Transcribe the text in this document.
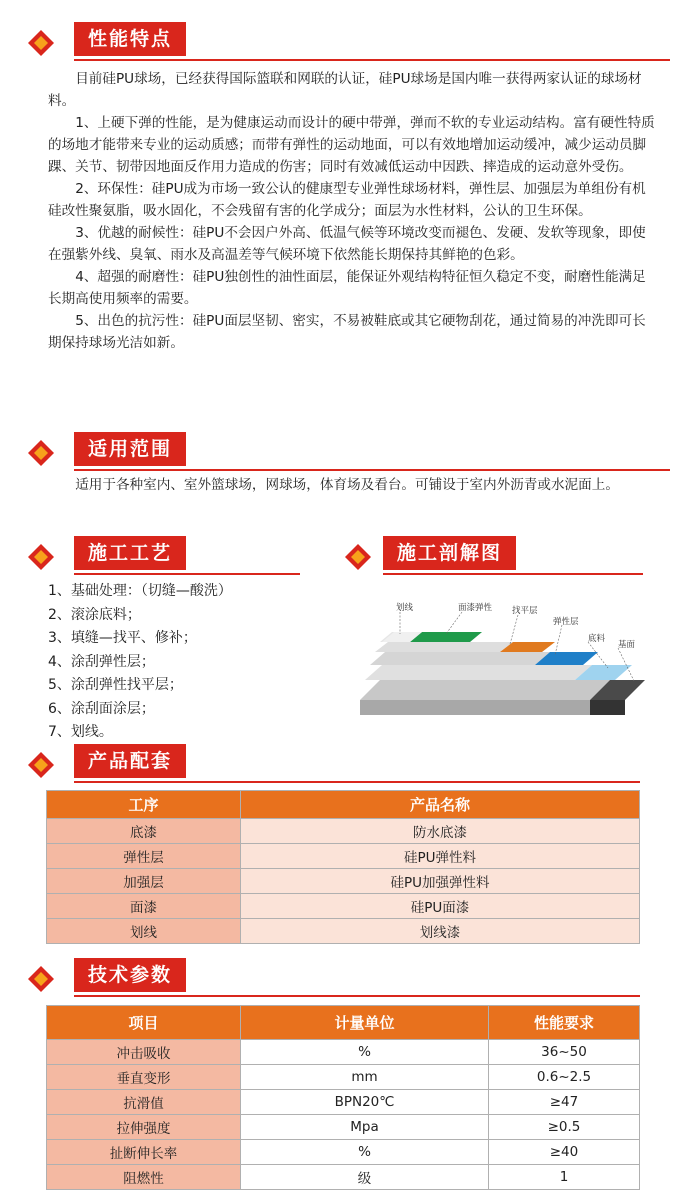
性能特点

目前硅PU球场，已经获得国际篮联和网联的认证，硅PU球场是国内唯一获得两家认证的球场材料。

1、上硬下弹的性能，是为健康运动而设计的硬中带弹，弹而不软的专业运动结构。富有硬性特质的场地才能带来专业的运动质感；而带有弹性的运动地面，可以有效地增加运动缓冲，减少运动员脚踝、关节、韧带因地面反作用力造成的伤害；同时有效减低运动中因跌、摔造成的运动意外受伤。

2、环保性：硅PU成为市场一致公认的健康型专业弹性球场材料，弹性层、加强层为单组份有机硅改性聚氨脂，吸水固化，不会残留有害的化学成分；面层为水性材料，公认的卫生环保。

3、优越的耐候性：硅PU不会因户外高、低温气候等环境改变而褪色、发硬、发软等现象，即使在强紫外线、臭氧、雨水及高温差等气候环境下依然能长期保持其鲜艳的色彩。

4、超强的耐磨性：硅PU独创性的油性面层，能保证外观结构特征恒久稳定不变，耐磨性能满足长期高使用频率的需要。

5、出色的抗污性：硅PU面层坚韧、密实，不易被鞋底或其它硬物刮花，通过简易的冲洗即可长期保持球场光洁如新。

适用范围

适用于各种室内、室外篮球场，网球场，体育场及看台。可铺设于室内外沥青或水泥面上。

施工工艺
1、基础处理：（切缝—酸洗）
2、滚涂底料；
3、填缝—找平、修补；
4、涂刮弹性层；
5、涂刮弹性找平层；
6、涂刮面涂层；
7、划线。
施工剖解图
划线	面漆弹性 找平层
弹性层
底料
基面
产品配套
工序	产品名称
底漆	防水底漆
弹性层	硅PU弹性料
加强层	硅PU加强弹性料
面漆	硅PU面漆
划线	划线漆
技术参数
项目	计量单位	性能要求
冲击吸收	%	36~50
垂直变形	mm	0.6~2.5
抗滑值	BPN20℃	≥47
拉伸强度	Mpa	≥0.5
扯断伸长率	%	≥40
阻燃性	级	1
